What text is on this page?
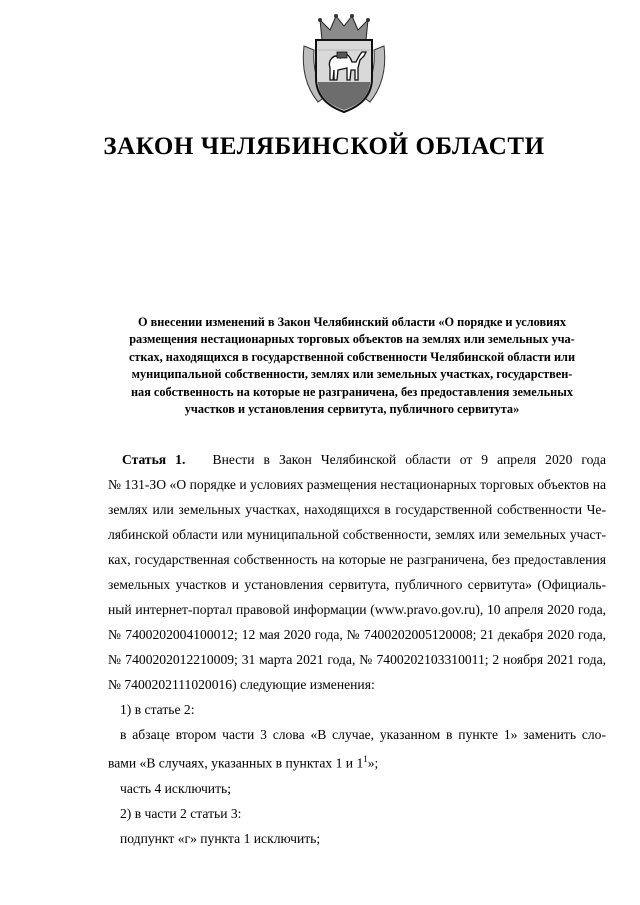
ЗАКОН ЧЕЛЯБИНСКОЙ ОБЛАСТИ
О внесении изменений в Закон Челябинский области «О порядке и условиях
размещения нестационарных торговых объектов на землях или земельных уча-
стках, находящихся в государственной собственности Челябинской области или
муниципальной собственности, землях или земельных участках, государствен-
ная собственность на которые не разграничена, без предоставления земельных
участков и установления сервитута, публичного сервитута»
Статья 1. Внести в Закон Челябинской области от 9 апреля 2020 года
№ 131-ЗО «О порядке и условиях размещения нестационарных торговых объектов на
землях или земельных участках, находящихся в государственной собственности Че-
лябинской области или муниципальной собственности, землях или земельных участ-
ках, государственная собственность на которые не разграничена, без предоставления
земельных участков и установления сервитута, публичного сервитута» (Официаль-
ный интернет-портал правовой информации (www.pravo.gov.ru), 10 апреля 2020 года,
№ 7400202004100012; 12 мая 2020 года, № 7400202005120008; 21 декабря 2020 года,
№ 7400202012210009; 31 марта 2021 года, № 7400202103310011; 2 ноября 2021 года,
№ 7400202111020016) следующие изменения:
1) в статье 2:
в абзаце втором части 3 слова «В случае, указанном в пункте 1» заменить сло-
вами «В случаях, указанных в пунктах 1 и $1^1$»;
часть 4 исключить;
2) в части 2 статьи 3:
подпункт «г» пункта 1 исключить;
